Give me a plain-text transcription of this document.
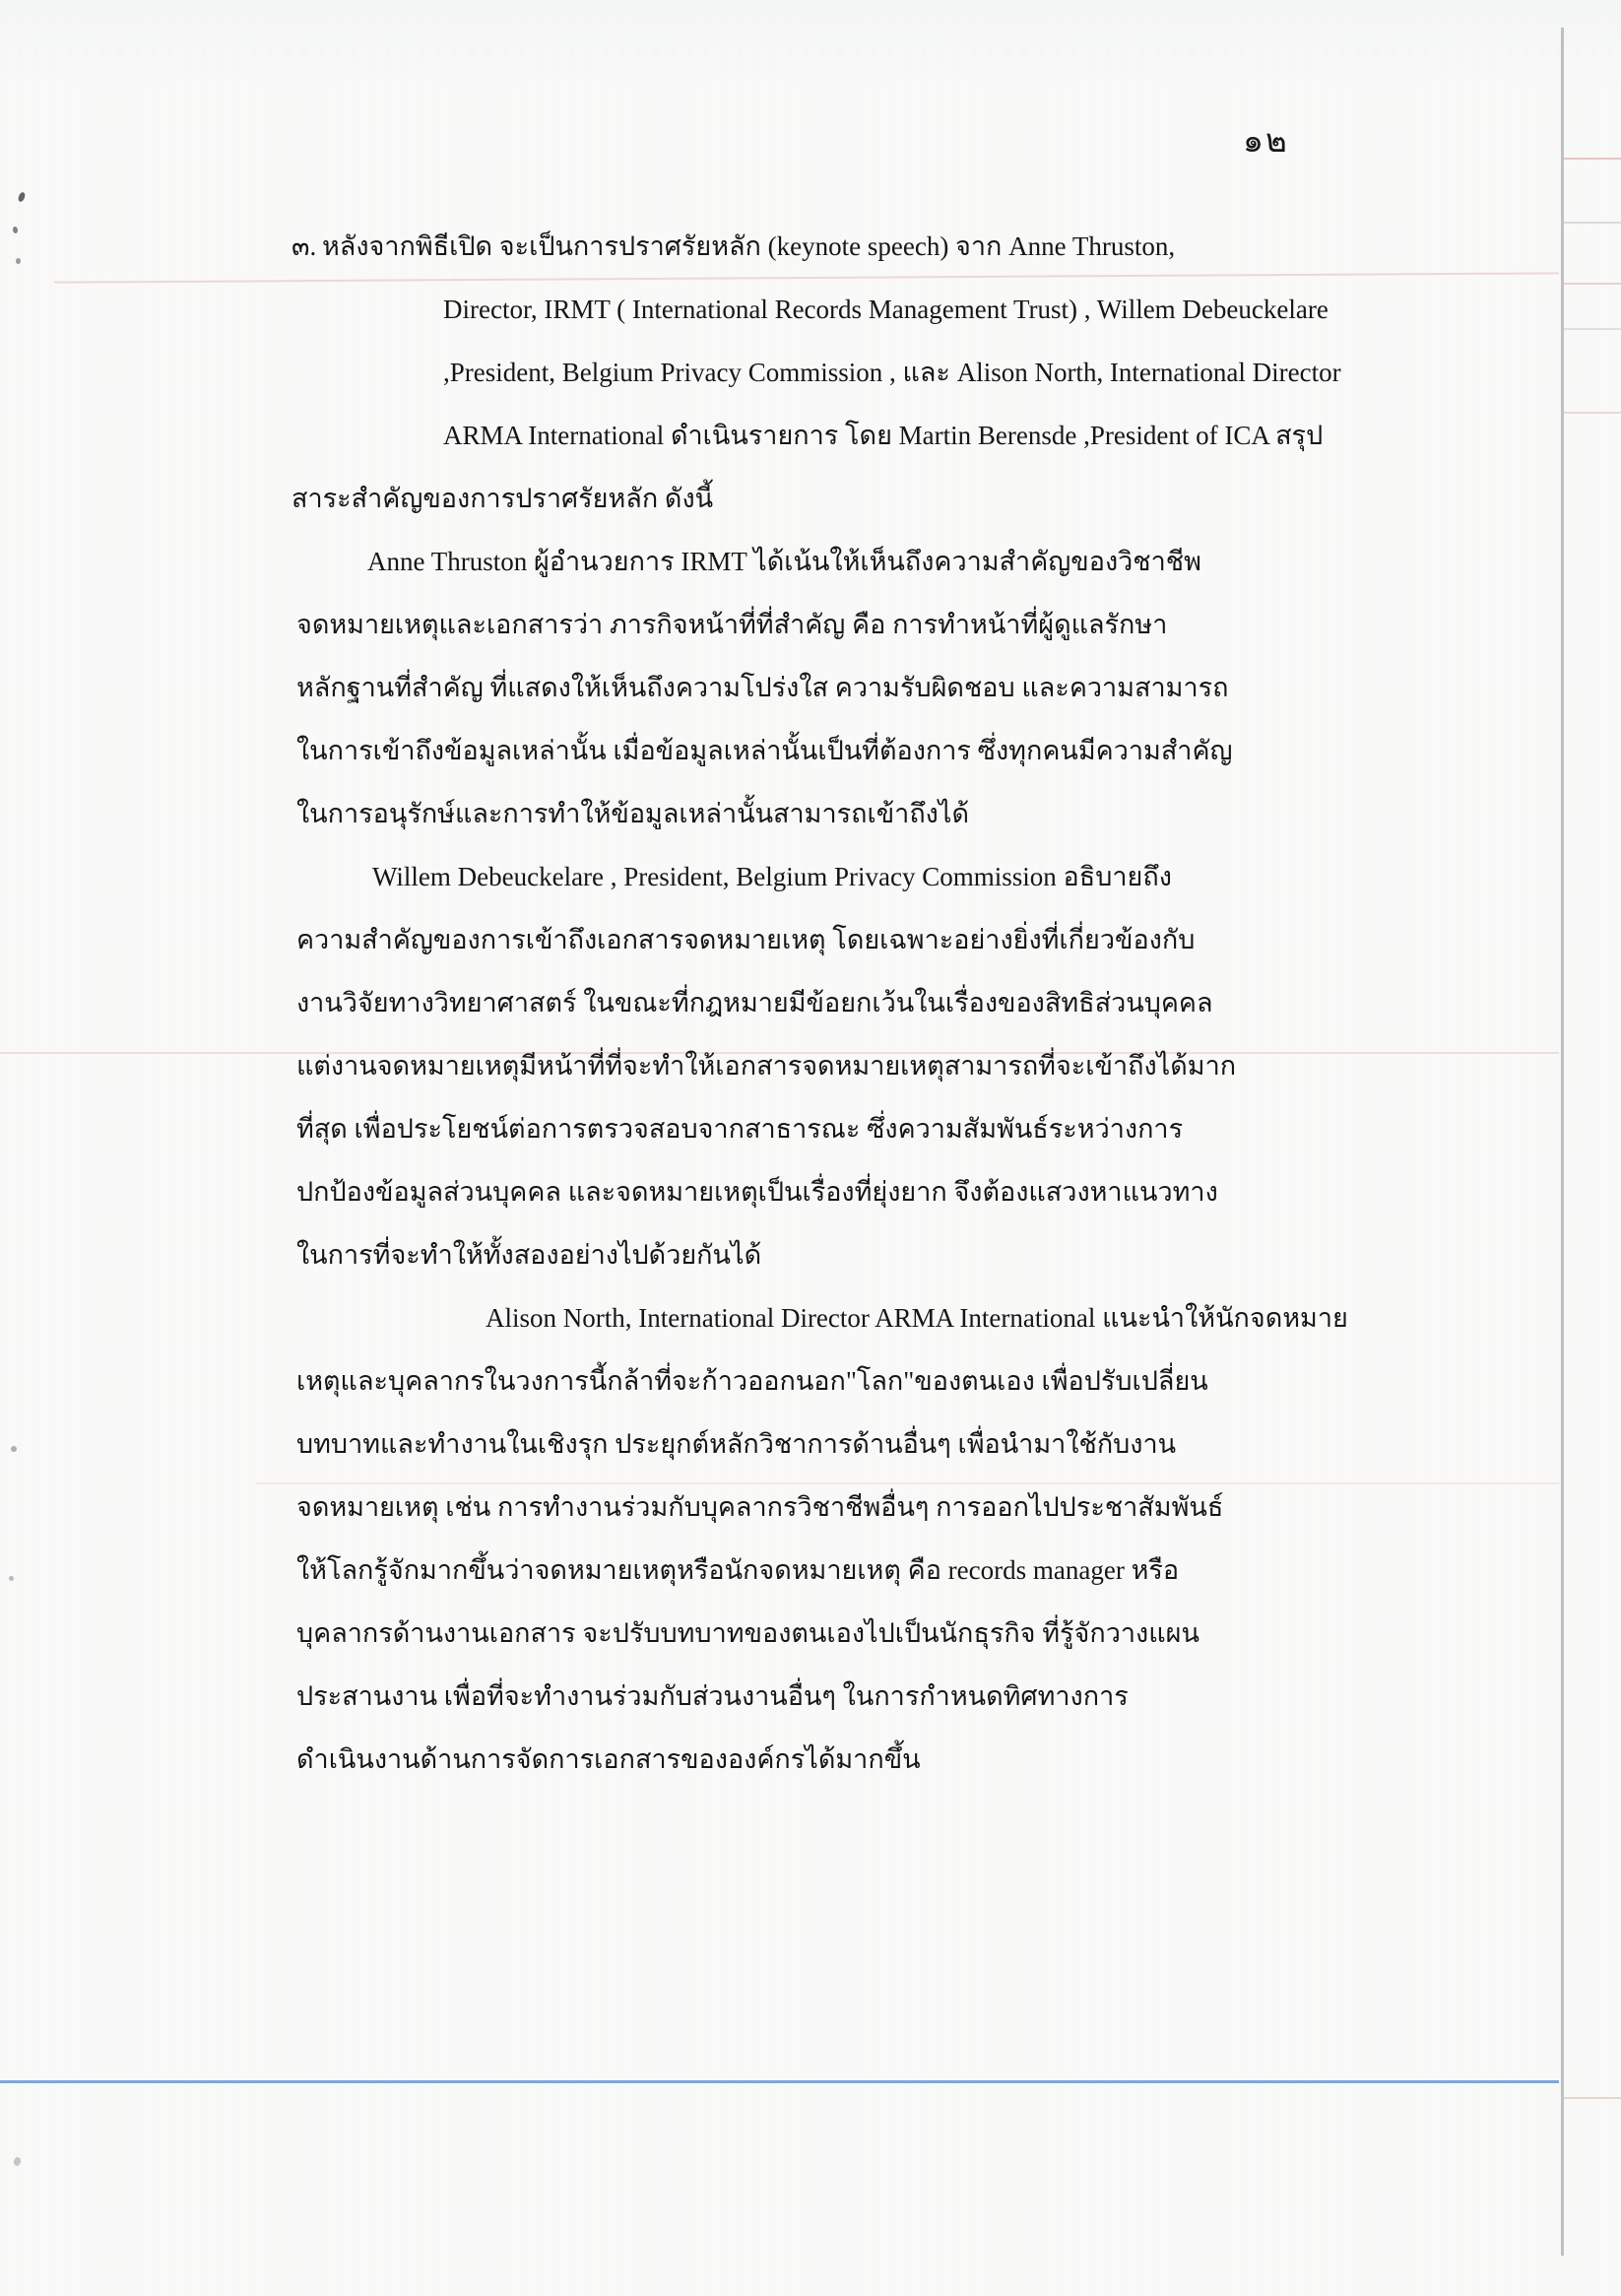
๑๒
๓. หลังจากพิธีเปิด จะเป็นการปราศรัยหลัก (keynote speech) จาก Anne Thruston,
Director, IRMT ( International Records Management Trust) , Willem Debeuckelare
,President, Belgium Privacy Commission , และ Alison North, International Director
ARMA International ดำเนินรายการ โดย Martin Berensde ,President of ICA สรุป
สาระสำคัญของการปราศรัยหลัก ดังนี้
Anne Thruston ผู้อำนวยการ IRMT ได้เน้นให้เห็นถึงความสำคัญของวิชาชีพ
จดหมายเหตุและเอกสารว่า ภารกิจหน้าที่ที่สำคัญ คือ การทำหน้าที่ผู้ดูแลรักษา
หลักฐานที่สำคัญ ที่แสดงให้เห็นถึงความโปร่งใส ความรับผิดชอบ และความสามารถ
ในการเข้าถึงข้อมูลเหล่านั้น เมื่อข้อมูลเหล่านั้นเป็นที่ต้องการ ซึ่งทุกคนมีความสำคัญ
ในการอนุรักษ์และการทำให้ข้อมูลเหล่านั้นสามารถเข้าถึงได้
Willem Debeuckelare , President, Belgium Privacy Commission อธิบายถึง
ความสำคัญของการเข้าถึงเอกสารจดหมายเหตุ โดยเฉพาะอย่างยิ่งที่เกี่ยวข้องกับ
งานวิจัยทางวิทยาศาสตร์ ในขณะที่กฎหมายมีข้อยกเว้นในเรื่องของสิทธิส่วนบุคคล
แต่งานจดหมายเหตุมีหน้าที่ที่จะทำให้เอกสารจดหมายเหตุสามารถที่จะเข้าถึงได้มาก
ที่สุด เพื่อประโยชน์ต่อการตรวจสอบจากสาธารณะ ซึ่งความสัมพันธ์ระหว่างการ
ปกป้องข้อมูลส่วนบุคคล และจดหมายเหตุเป็นเรื่องที่ยุ่งยาก จึงต้องแสวงหาแนวทาง
ในการที่จะทำให้ทั้งสองอย่างไปด้วยกันได้
Alison North, International Director ARMA International แนะนำให้นักจดหมาย
เหตุและบุคลากรในวงการนี้กล้าที่จะก้าวออกนอก"โลก"ของตนเอง เพื่อปรับเปลี่ยน
บทบาทและทำงานในเชิงรุก ประยุกต์หลักวิชาการด้านอื่นๆ เพื่อนำมาใช้กับงาน
จดหมายเหตุ เช่น การทำงานร่วมกับบุคลากรวิชาชีพอื่นๆ การออกไปประชาสัมพันธ์
ให้โลกรู้จักมากขึ้นว่าจดหมายเหตุหรือนักจดหมายเหตุ คือ records manager หรือ
บุคลากรด้านงานเอกสาร จะปรับบทบาทของตนเองไปเป็นนักธุรกิจ ที่รู้จักวางแผน
ประสานงาน เพื่อที่จะทำงานร่วมกับส่วนงานอื่นๆ ในการกำหนดทิศทางการ
ดำเนินงานด้านการจัดการเอกสารขององค์กรได้มากขึ้น
